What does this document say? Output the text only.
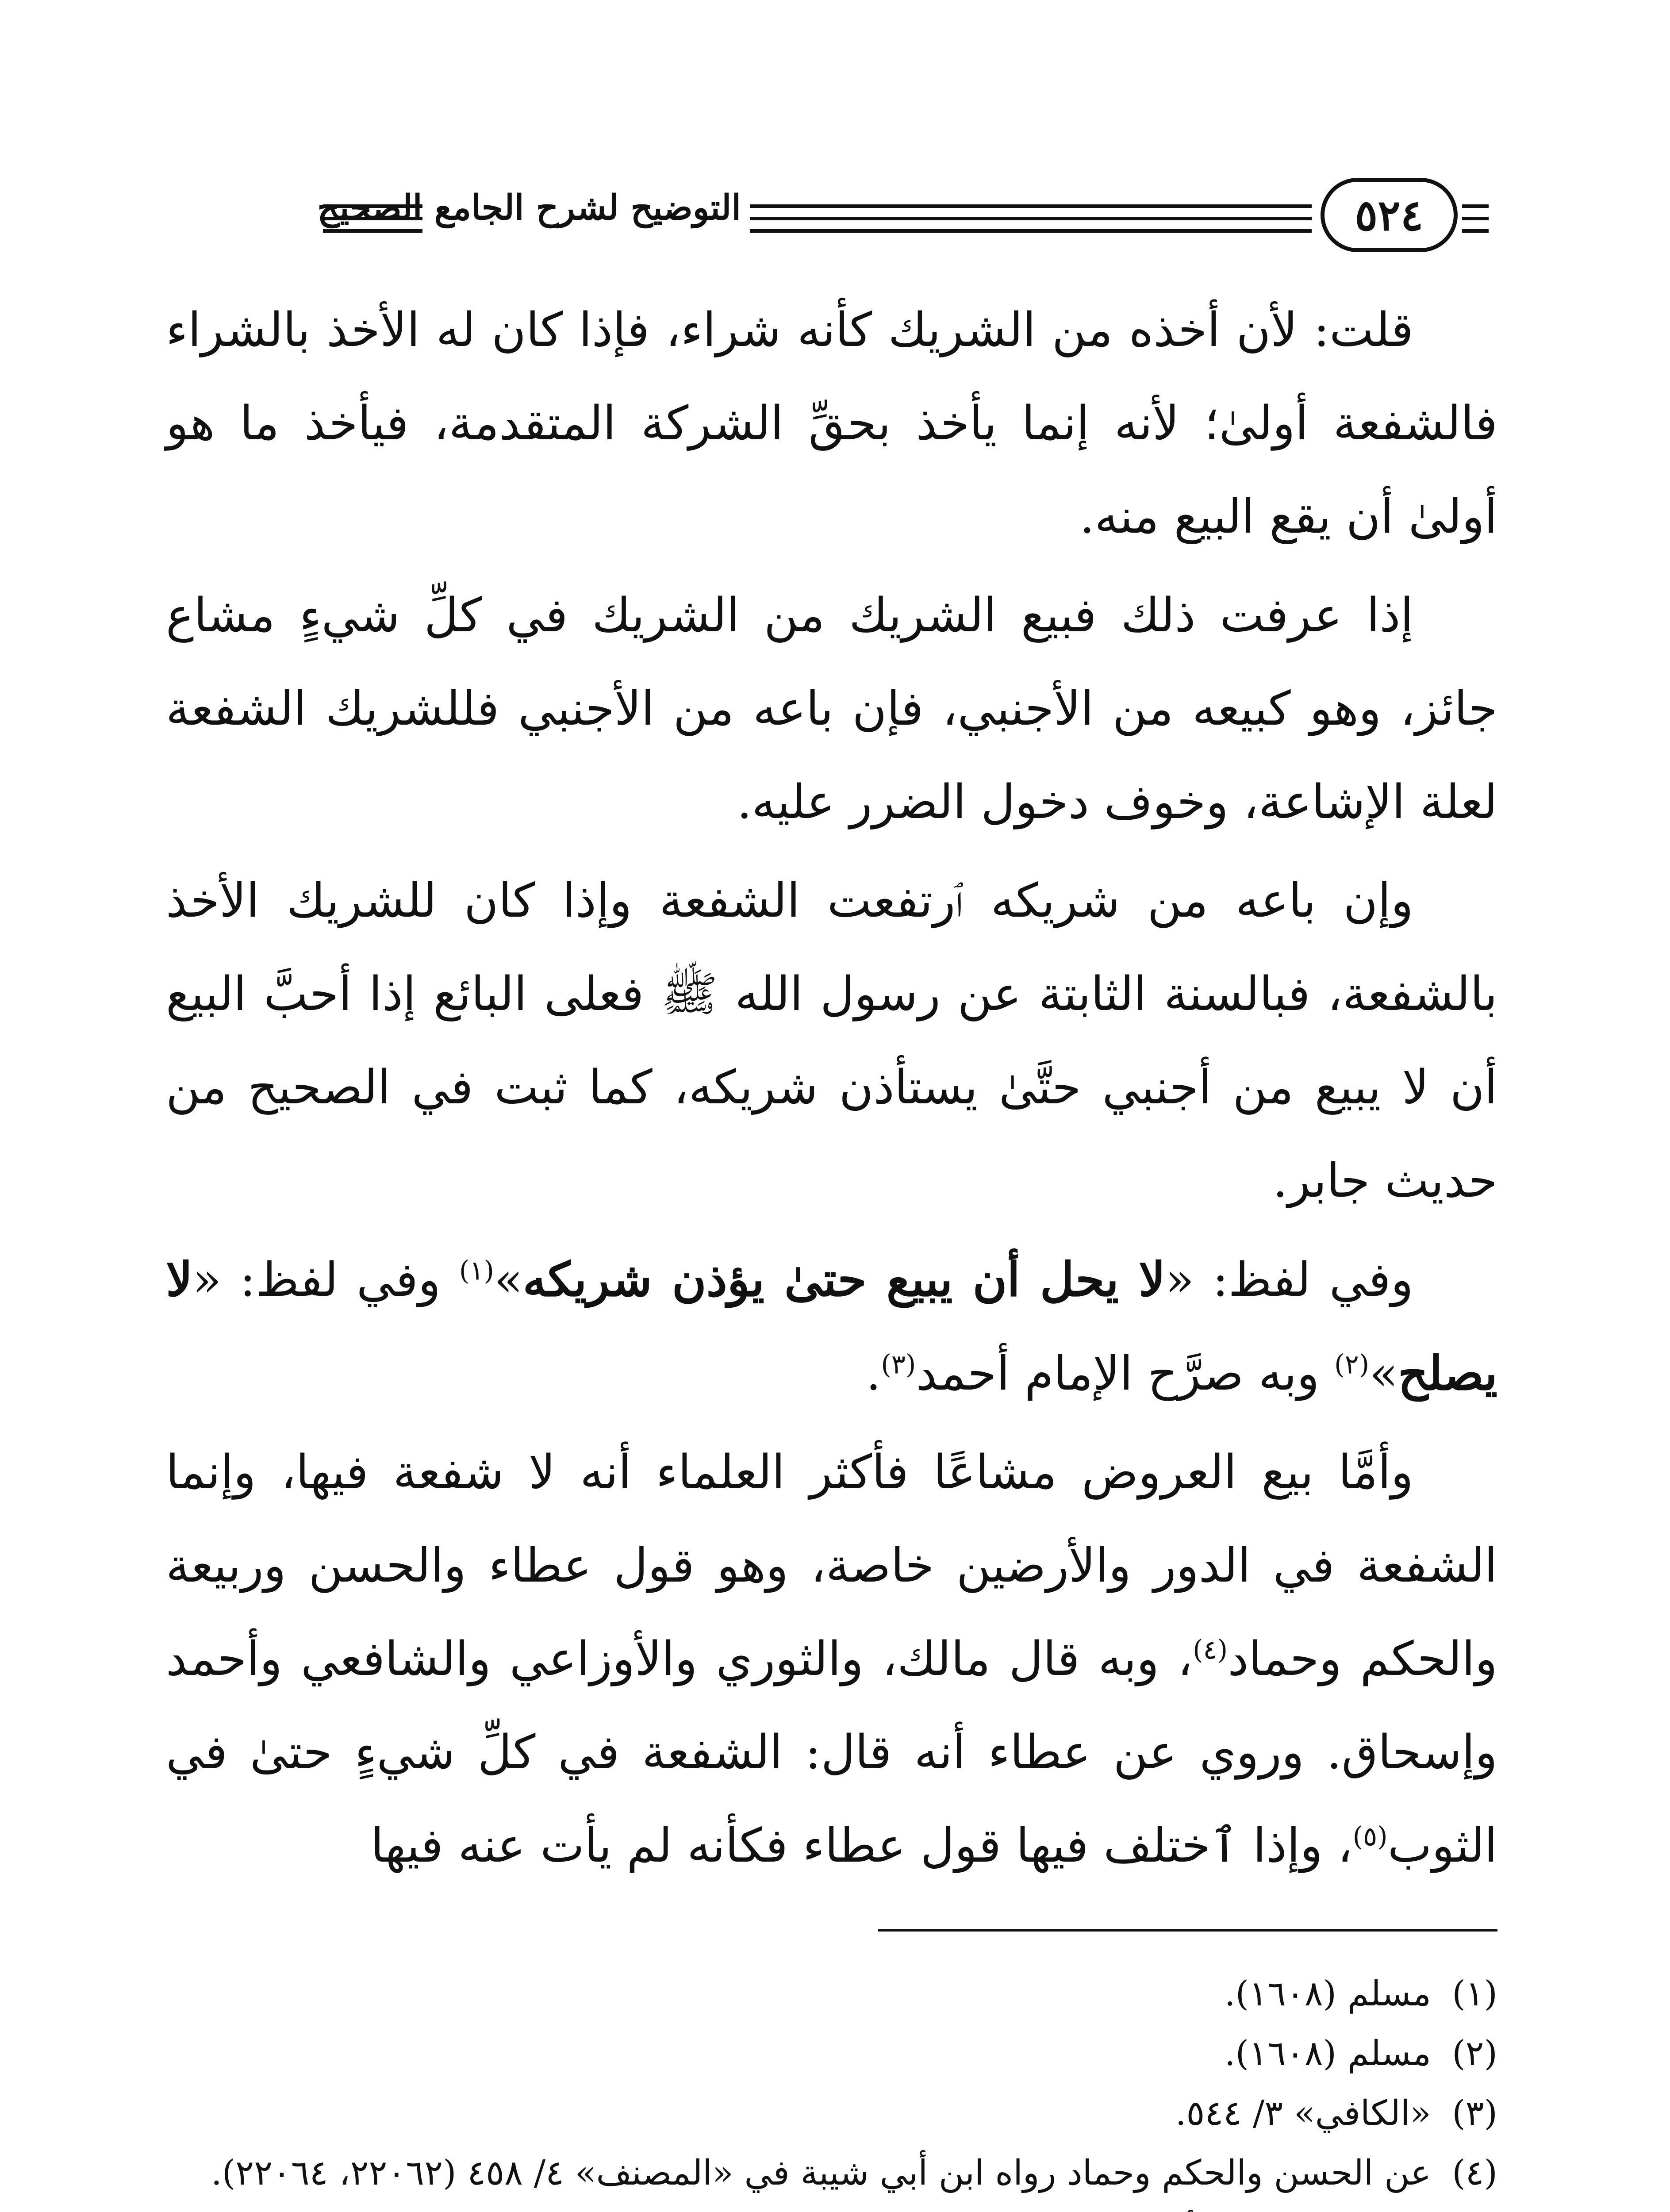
٥٢٤
التوضيح لشرح الجامع الصحيح

قلت: لأن أخذه من الشريك كأنه شراء، فإذا كان له الأخذ بالشراء فالشفعة أولىٰ؛ لأنه إنما يأخذ بحقِّ الشركة المتقدمة، فيأخذ ما هو أولىٰ أن يقع البيع منه.

إذا عرفت ذلك فبيع الشريك من الشريك في كلِّ شيءٍ مشاع جائز، وهو كبيعه من الأجنبي، فإن باعه من الأجنبي فللشريك الشفعة لعلة الإشاعة، وخوف دخول الضرر عليه.

وإن باعه من شريكه ٱرتفعت الشفعة وإذا كان للشريك الأخذ بالشفعة، فبالسنة الثابتة عن رسول الله ﷺ فعلى البائع إذا أحبَّ البيع أن لا يبيع من أجنبي حتَّىٰ يستأذن شريكه، كما ثبت في الصحيح من حديث جابر.

وفي لفظ: «لا يحل أن يبيع حتىٰ يؤذن شريكه»$^{(١)}$ وفي لفظ: «لا يصلح»$^{(٢)}$ وبه صرَّح الإمام أحمد$^{(٣)}$.

وأمَّا بيع العروض مشاعًا فأكثر العلماء أنه لا شفعة فيها، وإنما الشفعة في الدور والأرضين خاصة، وهو قول عطاء والحسن وربيعة والحكم وحماد$^{(٤)}$، وبه قال مالك، والثوري والأوزاعي والشافعي وأحمد وإسحاق. وروي عن عطاء أنه قال: الشفعة في كلِّ شيءٍ حتىٰ في الثوب$^{(٥)}$، وإذا ٱختلف فيها قول عطاء فكأنه لم يأت عنه فيها

(١)
مسلم (١٦٠٨).
(٢)
مسلم (١٦٠٨).
(٣)
«الكافي» ٣/ ٥٤٤.
(٤)
عن الحسن والحكم وحماد رواه ابن أبي شيبة في «المصنف» ٤/ ٤٥٨ (٢٢٠٦٢، ٢٢٠٦٤).
